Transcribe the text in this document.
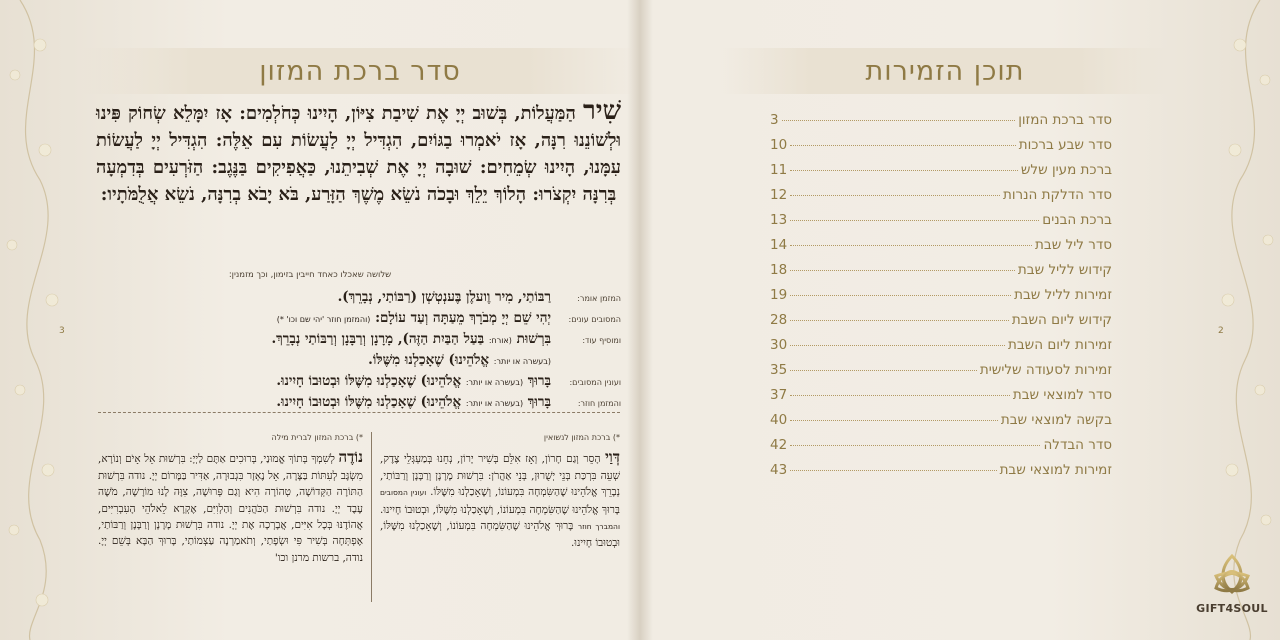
סדר ברכת המזון
3
שִׁיר הַמַּעֲלוֹת, בְּשׁוּב יְיָ אֶת שִׁיבַת צִיּוֹן, הָיִינוּ כְּחֹלְמִים: אָז יִמָּלֵא שְׂחוֹק פִּינוּ וּלְשׁוֹנֵנוּ רִנָּה, אָז יֹאמְרוּ בַגּוֹיִם, הִגְדִּיל יְיָ לַעֲשׂוֹת עִם אֵלֶּה: הִגְדִּיל יְיָ לַעֲשׂוֹת עִמָּנוּ, הָיִינוּ שְׂמֵחִים: שׁוּבָה יְיָ אֶת שְׁבִיתֵנוּ, כַּאֲפִיקִים בַּנֶּגֶב: הַזֹּרְעִים בְּדִמְעָה בְּרִנָּה יִקְצֹרוּ: הָלוֹךְ יֵלֵךְ וּבָכֹה נֹשֵׂא מֶשֶׁךְ הַזָּרַע, בֹּא יָבֹא בְרִנָּה, נֹשֵׂא אֲלֻמֹּתָיו:
שלושה שאכלו כאחד חייבין בזימון, וכך מזמנין:
המזמן אומר:
רַבּוֹתַי, מִיר וֶועלֶן בֶּענְטְשְׁן (רַבּוֹתַי, נְבָרֵךְ).
המסובים עונים:
יְהִי שֵׁם יְיָ מְבֹרָךְ מֵעַתָּה וְעַד עוֹלָם: (והמזמן חוזר 'יהי שם וכו' *)
ומוסיף עוד:
בִּרְשׁוּת (אורח: בַּעַל הַבַּיִת הַזֶּה), מָרָנָן וְרַבָּנָן וְרַבּוֹתַי נְבָרֵךְ.
(בעשרה או יותר: אֱלֹהֵינוּ) שֶׁאָכַלְנוּ מִשֶּׁלּוֹ.
ועונין המסובים:
בָּרוּךְ (בעשרה או יותר: אֱלֹהֵינוּ) שֶׁאָכַלְנוּ מִשֶּׁלּוֹ וּבְטוּבוֹ חָיִינוּ.
והמזמן חוזר:
בָּרוּךְ (בעשרה או יותר: אֱלֹהֵינוּ) שֶׁאָכַלְנוּ מִשֶּׁלּוֹ וּבְטוּבוֹ חָיִינוּ.
*) ברכת המזון לנשואין
דְּוַי הָסֵר וְגַם חָרוֹן, וְאָז אִלֵּם בְּשִׁיר יָרוֹן, נְחֵנוּ בְּמַעְגְּלֵי צֶדֶק, שְׁעֵה בִּרְכַּת בְּנֵי יְשֻׁרוּן, בְּנֵי אַהֲרֹן: בִּרְשׁוּת מָרָנָן וְרַבָּנָן וְרַבּוֹתַי, נְבָרֵךְ אֱלֹהֵינוּ שֶׁהַשִּׂמְחָה בִּמְעוֹנוֹ, וְשֶׁאָכַלְנוּ מִשֶּׁלּוֹ. ועונין המסובים בָּרוּךְ אֱלֹהֵינוּ שֶׁהַשִּׂמְחָה בִּמְעוֹנוֹ, וְשֶׁאָכַלְנוּ מִשֶּׁלּוֹ, וּבְטוּבוֹ חָיִינוּ. והמברך חוזר בָּרוּךְ אֱלֹהֵינוּ שֶׁהַשִּׂמְחָה בִּמְעוֹנוֹ, וְשֶׁאָכַלְנוּ מִשֶּׁלּוֹ, וּבְטוּבוֹ חָיִינוּ.
*) ברכת המזון לברית מילה
נוֹדֶה לְשִׁמְךָ בְּתוֹךְ אֱמוּנַי, בְּרוּכִים אַתֶּם לַיְיָ: בִּרְשׁוּת אֵל אָיֹם וְנוֹרָא, מִשְׂגָּב לְעִתּוֹת בַּצָּרָה, אֵל נֶאְזָר בִּגְבוּרָה, אַדִּיר בַּמָּרוֹם יְיָ. נודה בִּרְשׁוּת הַתּוֹרָה הַקְּדוֹשָׁה, טְהוֹרָה הִיא וְגַם פְּרוּשָׁה, צִוָּה לָנוּ מוֹרָשָׁה, מֹשֶׁה עֶבֶד יְיָ. נודה בִּרְשׁוּת הַכֹּהֲנִים וְהַלְוִיִּם, אֶקְרָא לֵאלֹהֵי הָעִבְרִיִּים, אֲהוֹדֶנּוּ בְּכָל אִיִּים, אֲבָרְכָה אֶת יְיָ. נודה בִּרְשׁוּת מָרָנָן וְרַבָּנָן וְרַבּוֹתַי, אֶפְתְּחָה בְּשִׁיר פִּי וּשְׂפָתַי, וְתֹאמַרְנָה עַצְמוֹתַי, בָּרוּךְ הַבָּא בְּשֵׁם יְיָ. נודה, ברשות מרנן וכו'
תוכן הזמירות
2
סדר ברכת המזון
3
סדר שבע ברכות
10
ברכת מעין שלש
11
סדר הדלקת הנרות
12
ברכת הבנים
13
סדר ליל שבת
14
קידוש לליל שבת
18
זמירות לליל שבת
19
קידוש ליום השבת
28
זמירות ליום השבת
30
זמירות לסעודה שלישית
35
סדר למוצאי שבת
37
בקשה למוצאי שבת
40
סדר הבדלה
42
זמירות למוצאי שבת
43
GIFT4SOUL
